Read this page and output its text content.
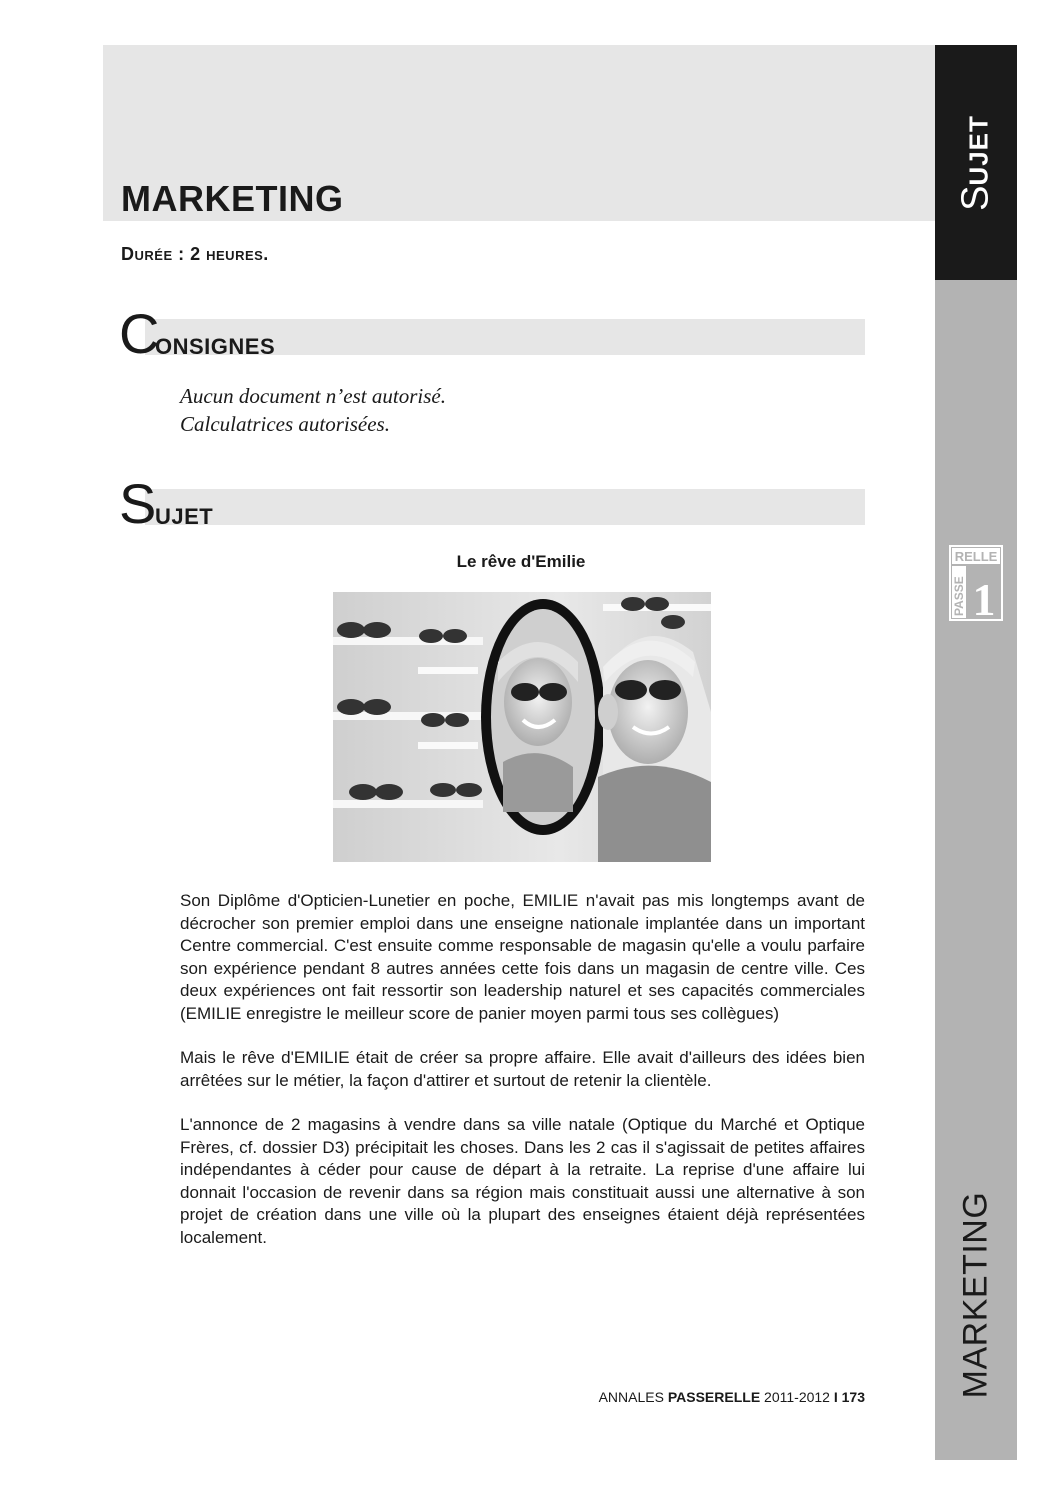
MARKETING
Durée : 2 heures.
C
ONSIGNES
Aucun document n’est autorisé.
Calculatrices autorisées.
S
UJET
Le rêve d'Emilie

Son Diplôme d'Opticien-Lunetier en poche, EMILIE n'avait pas mis longtemps avant de décrocher son premier emploi dans une enseigne nationale implantée dans un important Centre commercial. C'est ensuite comme responsable de magasin qu'elle a voulu parfaire son expérience pendant 8 autres années cette fois dans un magasin de centre ville. Ces deux expériences ont fait ressortir son leadership naturel et ses capacités commerciales (EMILIE enregistre le meilleur score de panier moyen parmi tous ses collègues)

Mais le rêve d'EMILIE était de créer sa propre affaire. Elle avait d'ailleurs des idées bien arrêtées sur le métier, la façon d'attirer et surtout de retenir la clientèle.

L'annonce de 2 magasins à vendre dans sa ville natale (Optique du Marché et Optique Frères, cf. dossier D3) précipitait les choses. Dans les 2 cas il s'agissait de petites affaires indépendantes à céder pour cause de départ à la retraite. La reprise d'une affaire lui donnait l'occasion de revenir dans sa région mais constituait aussi une alternative à son projet de création dans une ville où la plupart des enseignes étaient déjà représentées localement.

ANNALES PASSERELLE 2011-2012 I 173
SUJET
MARKETING
RELLE
PASSE 1
